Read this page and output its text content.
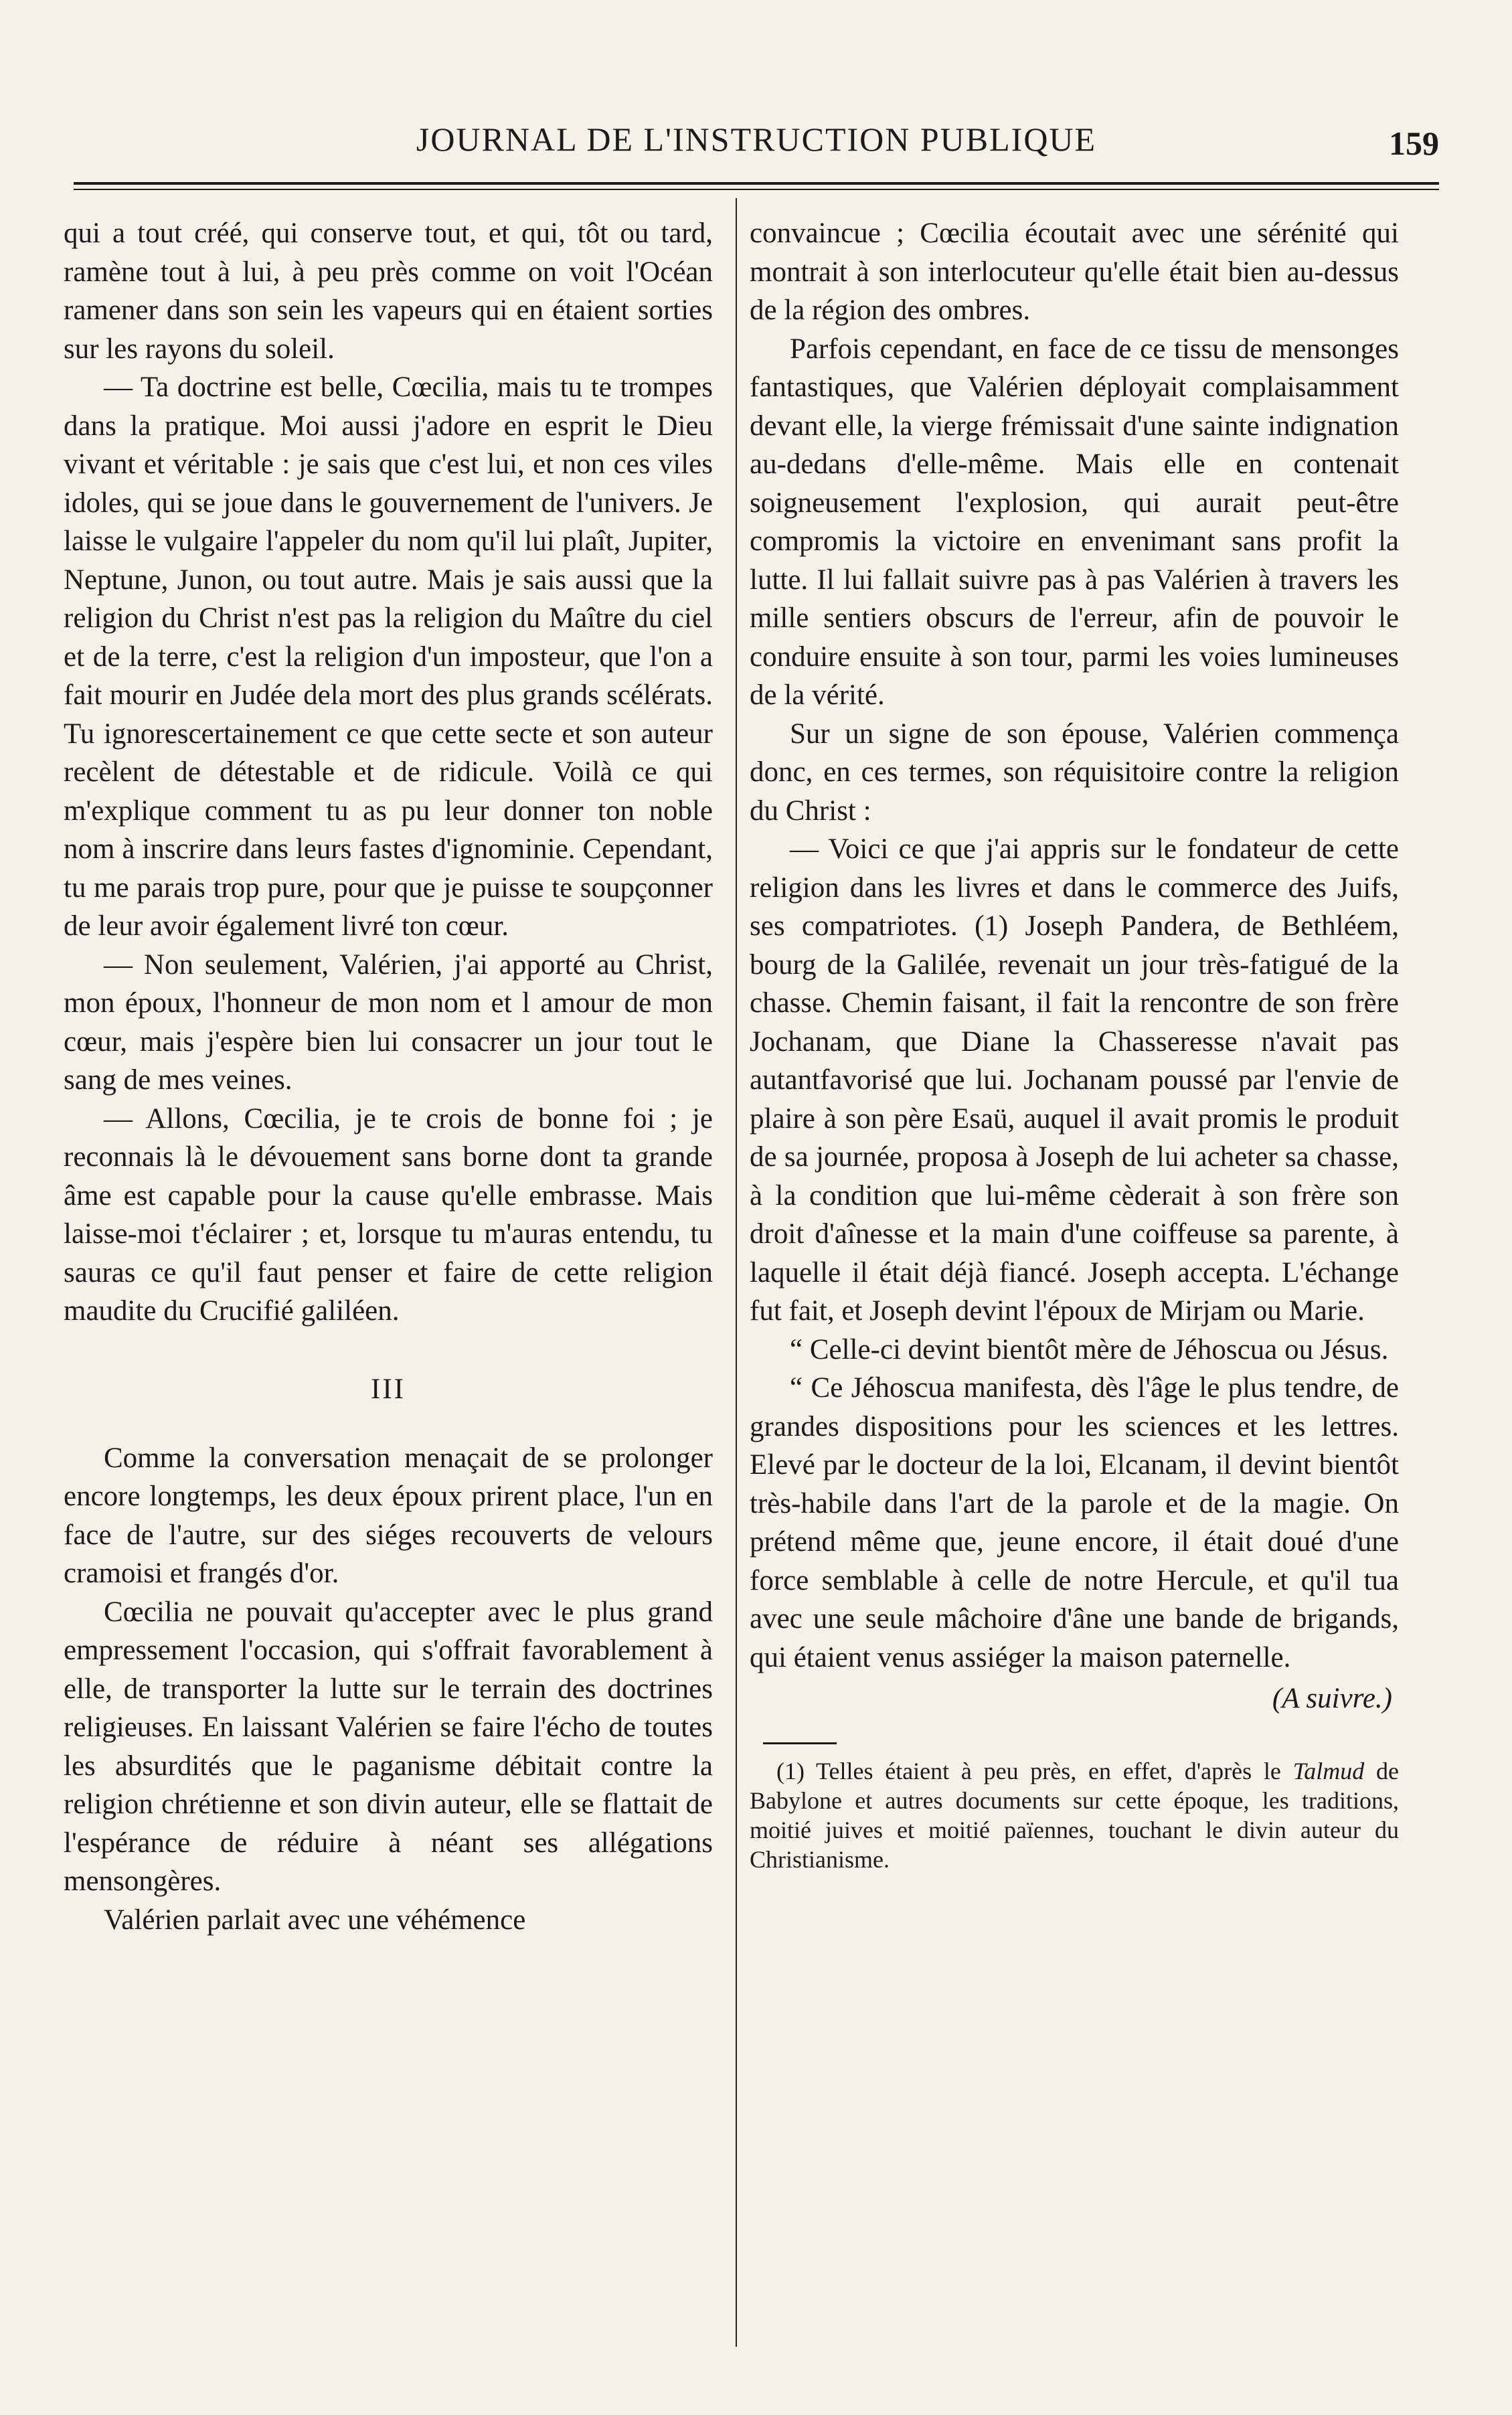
JOURNAL DE L'INSTRUCTION PUBLIQUE	159

qui a tout créé, qui conserve tout, et qui, tôt ou tard, ramène tout à lui, à peu près comme on voit l'Océan ramener dans son sein les vapeurs qui en étaient sorties sur les rayons du soleil.

— Ta doctrine est belle, Cœcilia, mais tu te trompes dans la pratique. Moi aussi j'adore en esprit le Dieu vivant et véritable : je sais que c'est lui, et non ces viles idoles, qui se joue dans le gouvernement de l'univers. Je laisse le vulgaire l'appeler du nom qu'il lui plaît, Jupiter, Neptune, Junon, ou tout autre. Mais je sais aussi que la religion du Christ n'est pas la religion du Maître du ciel et de la terre, c'est la religion d'un imposteur, que l'on a fait mourir en Judée dela mort des plus grands scélérats. Tu ignorescertainement ce que cette secte et son auteur recèlent de détestable et de ridicule. Voilà ce qui m'explique comment tu as pu leur donner ton noble nom à inscrire dans leurs fastes d'ignominie. Cependant, tu me parais trop pure, pour que je puisse te soupçonner de leur avoir également livré ton cœur.

— Non seulement, Valérien, j'ai apporté au Christ, mon époux, l'honneur de mon nom et l amour de mon cœur, mais j'espère bien lui consacrer un jour tout le sang de mes veines.

— Allons, Cœcilia, je te crois de bonne foi ; je reconnais là le dévouement sans borne dont ta grande âme est capable pour la cause qu'elle embrasse. Mais laisse-moi t'éclairer ; et, lorsque tu m'auras entendu, tu sauras ce qu'il faut penser et faire de cette religion maudite du Crucifié galiléen.

III

Comme la conversation menaçait de se prolonger encore longtemps, les deux époux prirent place, l'un en face de l'autre, sur des siéges recouverts de velours cramoisi et frangés d'or.

Cœcilia ne pouvait qu'accepter avec le plus grand empressement l'occasion, qui s'offrait favorablement à elle, de transporter la lutte sur le terrain des doctrines religieuses. En laissant Valérien se faire l'écho de toutes les absurdités que le paganisme débitait contre la religion chrétienne et son divin auteur, elle se flattait de l'espérance de réduire à néant ses allégations mensongères.

Valérien parlait avec une véhémence

convaincue ; Cœcilia écoutait avec une sérénité qui montrait à son interlocuteur qu'elle était bien au-dessus de la région des ombres.

Parfois cependant, en face de ce tissu de mensonges fantastiques, que Valérien déployait complaisamment devant elle, la vierge frémissait d'une sainte indignation au-dedans d'elle-même. Mais elle en contenait soigneusement l'explosion, qui aurait peut-être compromis la victoire en envenimant sans profit la lutte. Il lui fallait suivre pas à pas Valérien à travers les mille sentiers obscurs de l'erreur, afin de pouvoir le conduire ensuite à son tour, parmi les voies lumineuses de la vérité.

Sur un signe de son épouse, Valérien commença donc, en ces termes, son réquisitoire contre la religion du Christ :

— Voici ce que j'ai appris sur le fondateur de cette religion dans les livres et dans le commerce des Juifs, ses compatriotes. (1) Joseph Pandera, de Bethléem, bourg de la Galilée, revenait un jour très-fatigué de la chasse. Chemin faisant, il fait la rencontre de son frère Jochanam, que Diane la Chasseresse n'avait pas autantfavorisé que lui. Jochanam poussé par l'envie de plaire à son père Esaü, auquel il avait promis le produit de sa journée, proposa à Joseph de lui acheter sa chasse, à la condition que lui-même cèderait à son frère son droit d'aînesse et la main d'une coiffeuse sa parente, à laquelle il était déjà fiancé. Joseph accepta. L'échange fut fait, et Joseph devint l'époux de Mirjam ou Marie.

“ Celle-ci devint bientôt mère de Jéhoscua ou Jésus.

“ Ce Jéhoscua manifesta, dès l'âge le plus tendre, de grandes dispositions pour les sciences et les lettres. Elevé par le docteur de la loi, Elcanam, il devint bientôt très-habile dans l'art de la parole et de la magie. On prétend même que, jeune encore, il était doué d'une force semblable à celle de notre Hercule, et qu'il tua avec une seule mâchoire d'âne une bande de brigands, qui étaient venus assiéger la maison paternelle.

(A suivre.)
(1) Telles étaient à peu près, en effet, d'après le Talmud de Babylone et autres documents sur cette époque, les traditions, moitié juives et moitié païennes, touchant le divin auteur du Christianisme.
